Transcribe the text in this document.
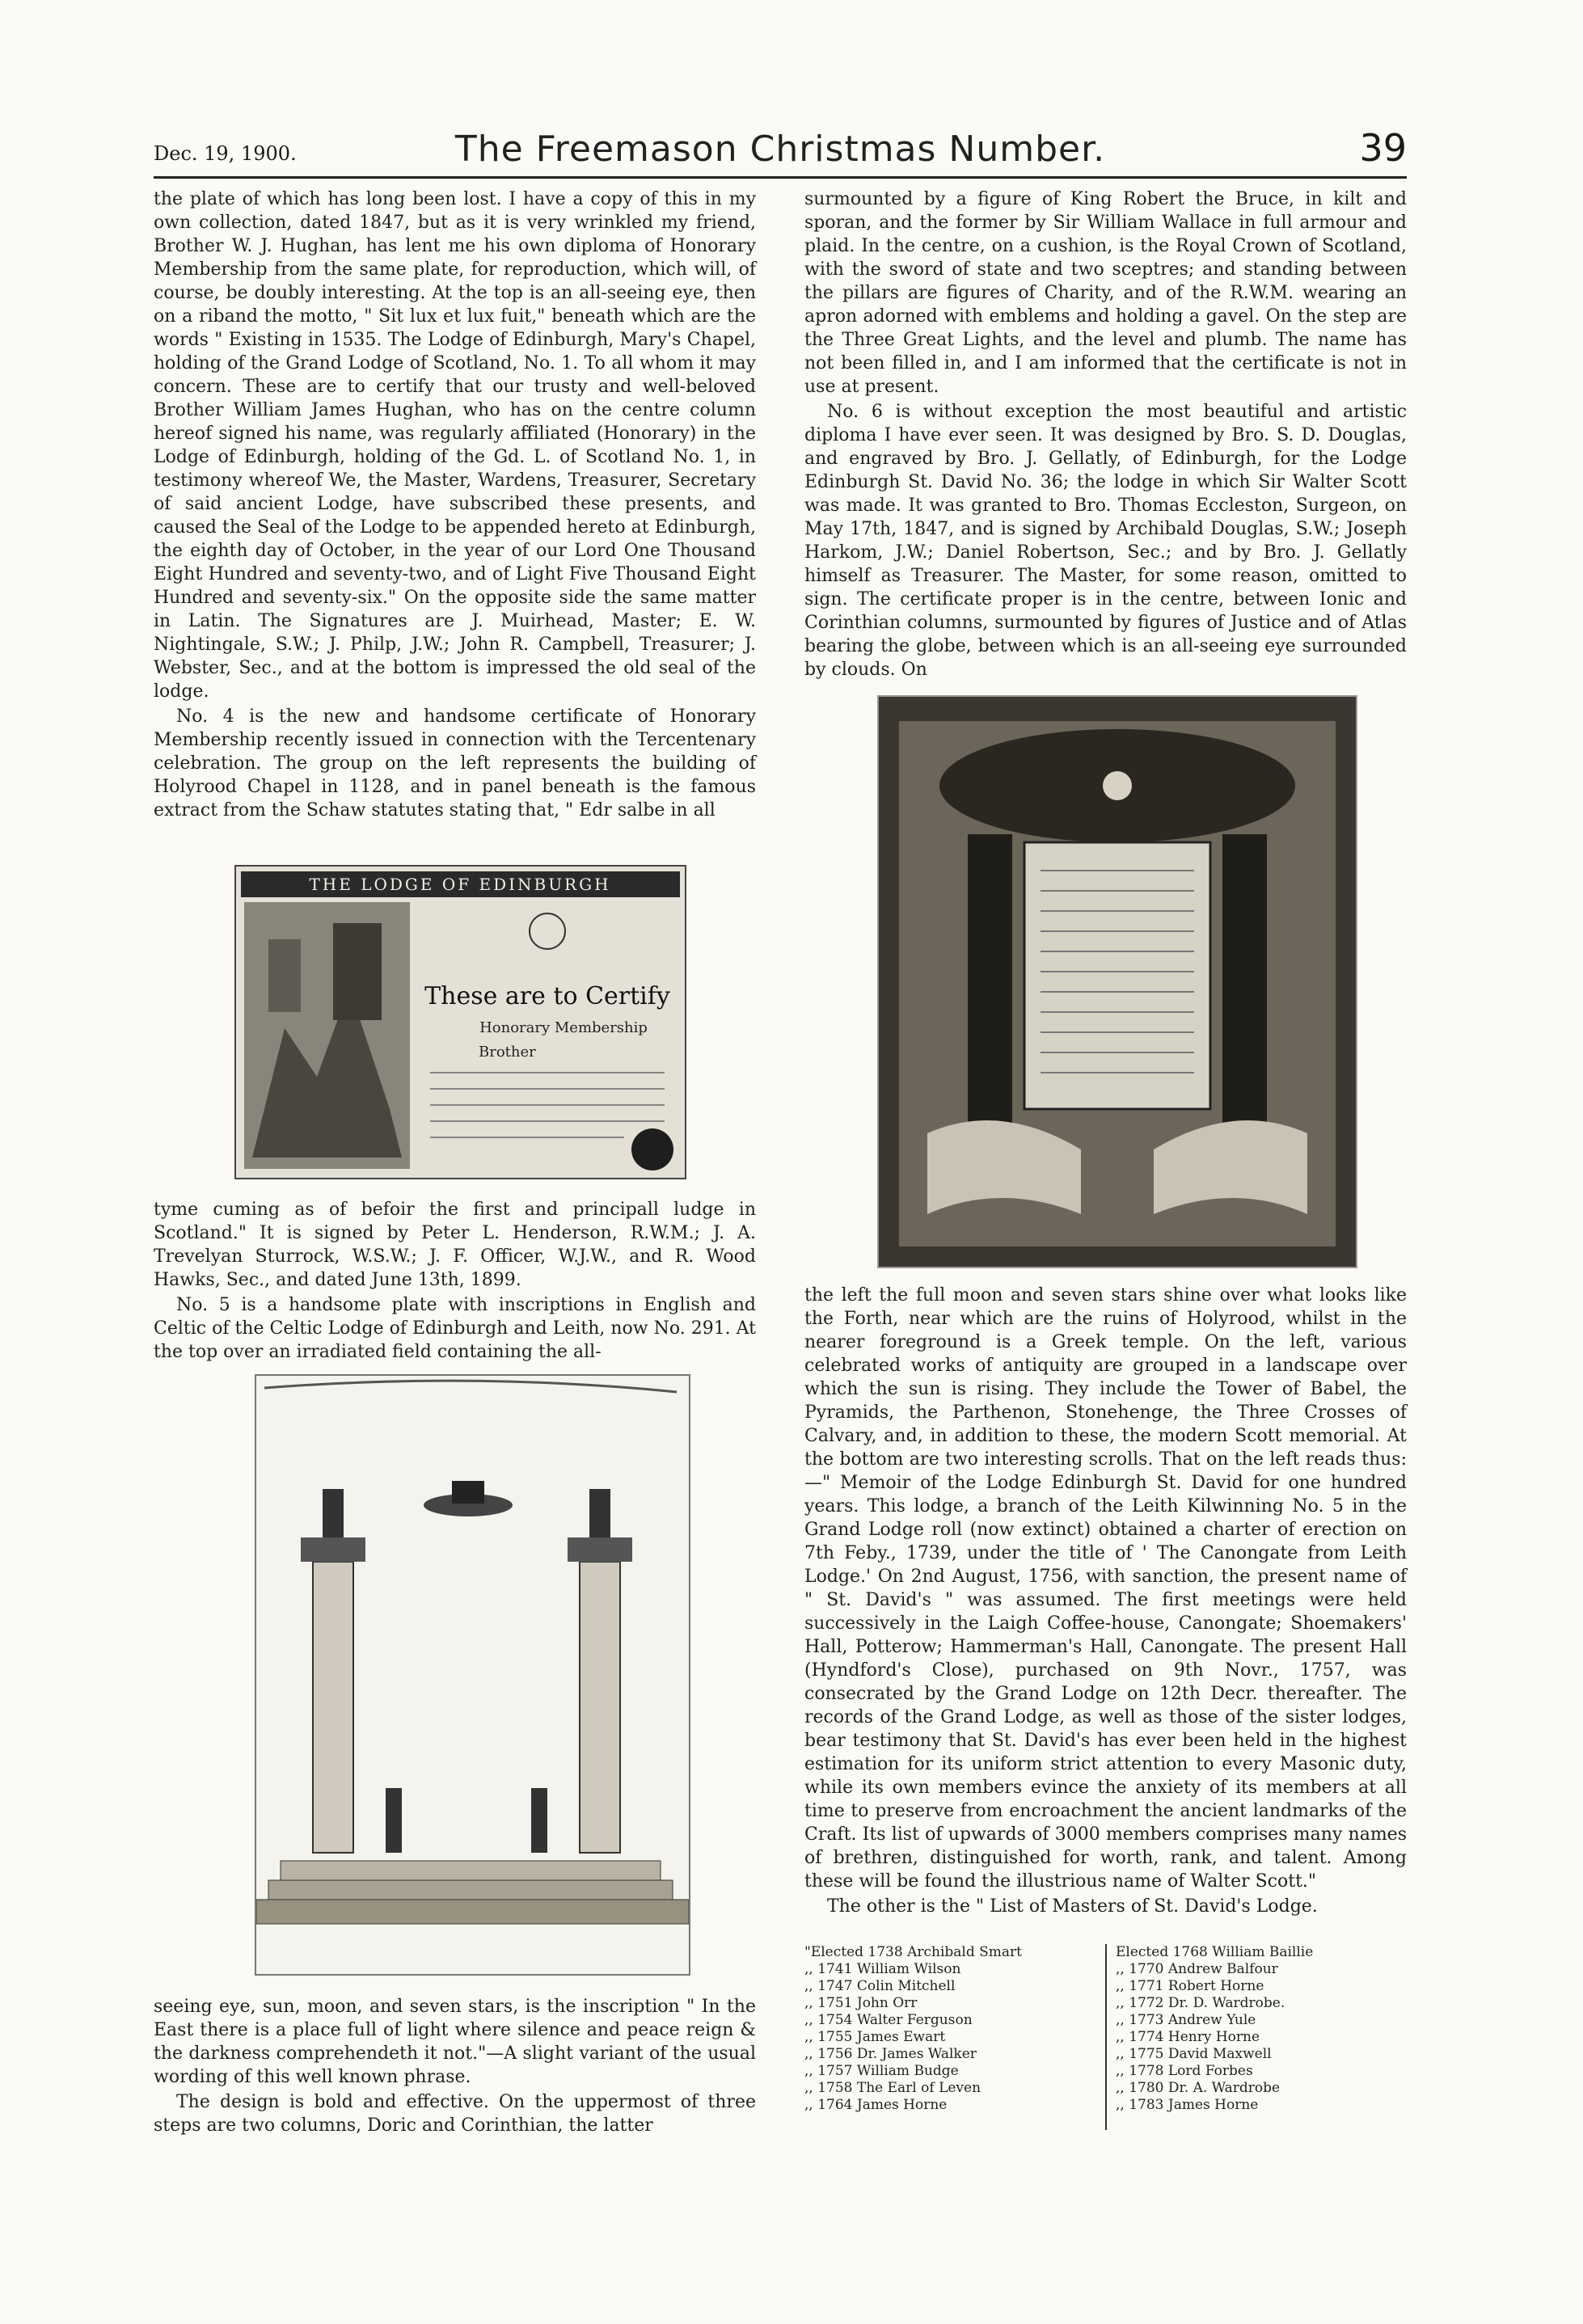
Dec. 19, 1900.	The Freemason Christmas Number.	39

the plate of which has long been lost. I have a copy of this in my own collection, dated 1847, but as it is very wrinkled my friend, Brother W. J. Hughan, has lent me his own diploma of Honorary Membership from the same plate, for reproduction, which will, of course, be doubly interesting. At the top is an all-seeing eye, then on a riband the motto, " Sit lux et lux fuit," beneath which are the words " Existing in 1535. The Lodge of Edinburgh, Mary's Chapel, holding of the Grand Lodge of Scotland, No. 1. To all whom it may concern. These are to certify that our trusty and well-beloved Brother William James Hughan, who has on the centre column hereof signed his name, was regularly affiliated (Honorary) in the Lodge of Edinburgh, holding of the Gd. L. of Scotland No. 1, in testimony whereof We, the Master, Wardens, Treasurer, Secretary of said ancient Lodge, have subscribed these presents, and caused the Seal of the Lodge to be appended hereto at Edinburgh, the eighth day of October, in the year of our Lord One Thousand Eight Hundred and seventy-two, and of Light Five Thousand Eight Hundred and seventy-six." On the opposite side the same matter in Latin. The Signatures are J. Muirhead, Master; E. W. Nightingale, S.W.; J. Philp, J.W.; John R. Campbell, Treasurer; J. Webster, Sec., and at the bottom is impressed the old seal of the lodge.

No. 4 is the new and handsome certificate of Honorary Membership recently issued in connection with the Tercentenary celebration. The group on the left represents the building of Holyrood Chapel in 1128, and in panel beneath is the famous extract from the Schaw statutes stating that, " Edr salbe in all

THE LODGE OF EDINBURGH
These are to Certify
Honorary Membership
Brother

tyme cuming as of befoir the first and principall ludge in Scotland." It is signed by Peter L. Henderson, R.W.M.; J. A. Trevelyan Sturrock, W.S.W.; J. F. Officer, W.J.W., and R. Wood Hawks, Sec., and dated June 13th, 1899.

No. 5 is a handsome plate with inscriptions in English and Celtic of the Celtic Lodge of Edinburgh and Leith, now No. 291. At the top over an irradiated field containing the all-

seeing eye, sun, moon, and seven stars, is the inscription " In the East there is a place full of light where silence and peace reign & the darkness comprehendeth it not."—A slight variant of the usual wording of this well known phrase.

The design is bold and effective. On the uppermost of three steps are two columns, Doric and Corinthian, the latter

surmounted by a figure of King Robert the Bruce, in kilt and sporan, and the former by Sir William Wallace in full armour and plaid. In the centre, on a cushion, is the Royal Crown of Scotland, with the sword of state and two sceptres; and standing between the pillars are figures of Charity, and of the R.W.M. wearing an apron adorned with emblems and holding a gavel. On the step are the Three Great Lights, and the level and plumb. The name has not been filled in, and I am informed that the certificate is not in use at present.

No. 6 is without exception the most beautiful and artistic diploma I have ever seen. It was designed by Bro. S. D. Douglas, and engraved by Bro. J. Gellatly, of Edinburgh, for the Lodge Edinburgh St. David No. 36; the lodge in which Sir Walter Scott was made. It was granted to Bro. Thomas Eccleston, Surgeon, on May 17th, 1847, and is signed by Archibald Douglas, S.W.; Joseph Harkom, J.W.; Daniel Robertson, Sec.; and by Bro. J. Gellatly himself as Treasurer. The Master, for some reason, omitted to sign. The certificate proper is in the centre, between Ionic and Corinthian columns, surmounted by figures of Justice and of Atlas bearing the globe, between which is an all-seeing eye surrounded by clouds. On

the left the full moon and seven stars shine over what looks like the Forth, near which are the ruins of Holyrood, whilst in the nearer foreground is a Greek temple. On the left, various celebrated works of antiquity are grouped in a landscape over which the sun is rising. They include the Tower of Babel, the Pyramids, the Parthenon, Stonehenge, the Three Crosses of Calvary, and, in addition to these, the modern Scott memorial. At the bottom are two interesting scrolls. That on the left reads thus:—" Memoir of the Lodge Edinburgh St. David for one hundred years. This lodge, a branch of the Leith Kilwinning No. 5 in the Grand Lodge roll (now extinct) obtained a charter of erection on 7th Feby., 1739, under the title of ' The Canongate from Leith Lodge.' On 2nd August, 1756, with sanction, the present name of " St. David's " was assumed. The first meetings were held successively in the Laigh Coffee-house, Canongate; Shoemakers' Hall, Potterow; Hammerman's Hall, Canongate. The present Hall (Hyndford's Close), purchased on 9th Novr., 1757, was consecrated by the Grand Lodge on 12th Decr. thereafter. The records of the Grand Lodge, as well as those of the sister lodges, bear testimony that St. David's has ever been held in the highest estimation for its uniform strict attention to every Masonic duty, while its own members evince the anxiety of its members at all time to preserve from encroachment the ancient landmarks of the Craft. Its list of upwards of 3000 members comprises many names of brethren, distinguished for worth, rank, and talent. Among these will be found the illustrious name of Walter Scott."

The other is the " List of Masters of St. David's Lodge.

"Elected 1738 Archibald Smart
,, 1741 William Wilson
,, 1747 Colin Mitchell
,, 1751 John Orr
,, 1754 Walter Ferguson
,, 1755 James Ewart
,, 1756 Dr. James Walker
,, 1757 William Budge
,, 1758 The Earl of Leven
,, 1764 James Horne
Elected 1768 William Baillie
,, 1770 Andrew Balfour
,, 1771 Robert Horne
,, 1772 Dr. D. Wardrobe.
,, 1773 Andrew Yule
,, 1774 Henry Horne
,, 1775 David Maxwell
,, 1778 Lord Forbes
,, 1780 Dr. A. Wardrobe
,, 1783 James Horne
